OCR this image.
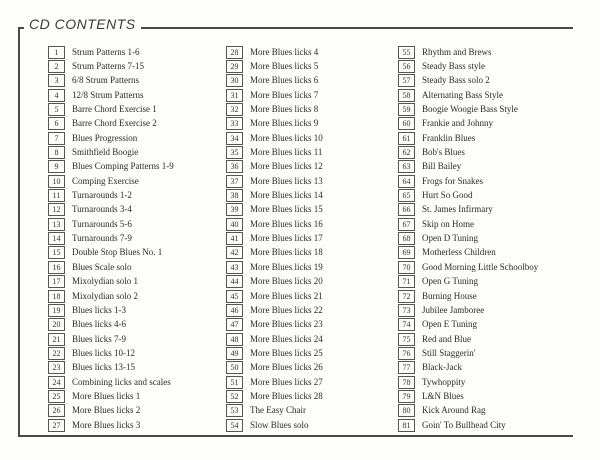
CD CONTENTS
1	Strum Patterns 1-6
2	Strum Patterns 7-15
3	6/8 Strum Patterns
4	12/8 Strum Patterns
5	Barre Chord Exercise 1
6	Barre Chord Exercise 2
7	Blues Progression
8	Smithfield Boogie
9	Blues Comping Patterns 1-9
10	Comping Exercise
11	Turnarounds 1-2
12	Turnarounds 3-4
13	Turnarounds 5-6
14	Turnarounds 7-9
15	Double Stop Blues No. 1
16	Blues Scale solo
17	Mixolydian solo 1
18	Mixolydian solo 2
19	Blues licks 1-3
20	Blues licks 4-6
21	Blues licks 7-9
22	Blues licks 10-12
23	Blues licks 13-15
24	Combining licks and scales
25	More Blues licks 1
26	More Blues licks 2
27	More Blues licks 3
28	More Blues licks 4
29	More Blues licks 5
30	More Blues licks 6
31	More Blues licks 7
32	More Blues licks 8
33	More Blues licks 9
34	More Blues licks 10
35	More Blues licks 11
36	More Blues licks 12
37	More Blues licks 13
38	More Blues licks 14
39	More Blues licks 15
40	More Blues licks 16
41	More Blues licks 17
42	More Blues licks 18
43	More Blues licks 19
44	More Blues licks 20
45	More Blues licks 21
46	More Blues licks 22
47	More Blues licks 23
48	More Blues licks 24
49	More Blues licks 25
50	More Blues licks 26
51	More Blues licks 27
52	More Blues licks 28
53	The Easy Chair
54	Slow Blues solo
55	Rhythm and Brews
56	Steady Bass style
57	Steady Bass solo 2
58	Alternating Bass Style
59	Boogie Woogie Bass Style
60	Frankie and Johnny
61	Franklin Blues
62	Bob's Blues
63	Bill Bailey
64	Frogs for Snakes
65	Hurt So Good
66	St. James Infirmary
67	Skip on Home
68	Open D Tuning
69	Motherless Children
70	Good Morning Little Schoolboy
71	Open G Tuning
72	Burning House
73	Jubilee Jamboree
74	Open E Tuning
75	Red and Blue
76	Still Staggerin'
77	Black-Jack
78	Tywhoppity
79	L&N Blues
80	Kick Around Rag
81	Goin' To Bullhead City
